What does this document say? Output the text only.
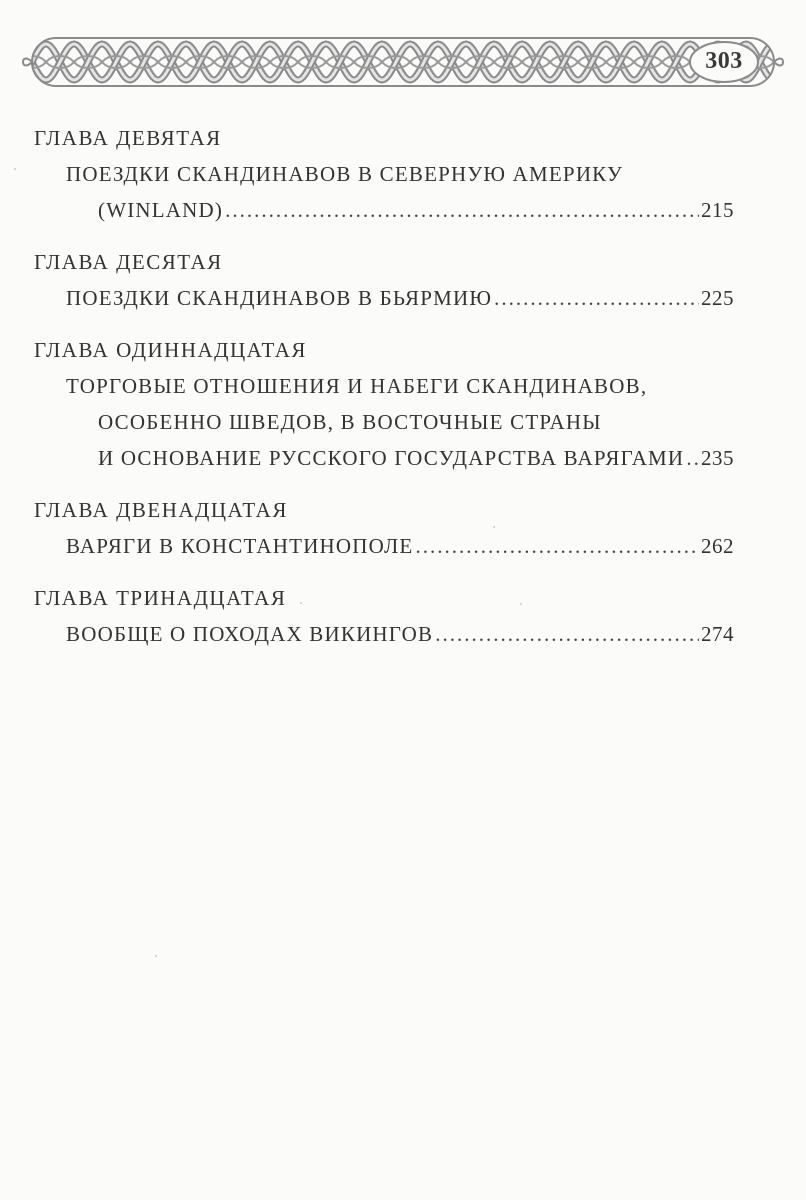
303
ГЛАВА ДЕВЯТАЯ
ПОЕЗДКИ СКАНДИНАВОВ В СЕВЕРНУЮ АМЕРИКУ
(WINLAND) .....	215
ГЛАВА ДЕСЯТАЯ
ПОЕЗДКИ СКАНДИНАВОВ В БЬЯРМИЮ .....	225
ГЛАВА ОДИННАДЦАТАЯ
ТОРГОВЫЕ ОТНОШЕНИЯ И НАБЕГИ СКАНДИНАВОВ,
ОСОБЕННО ШВЕДОВ, В ВОСТОЧНЫЕ СТРАНЫ
И ОСНОВАНИЕ РУССКОГО ГОСУДАРСТВА ВАРЯГАМИ ..... 235
ГЛАВА ДВЕНАДЦАТАЯ
ВАРЯГИ В КОНСТАНТИНОПОЛЕ .....	262
ГЛАВА ТРИНАДЦАТАЯ
ВООБЩЕ О ПОХОДАХ ВИКИНГОВ .....	274
